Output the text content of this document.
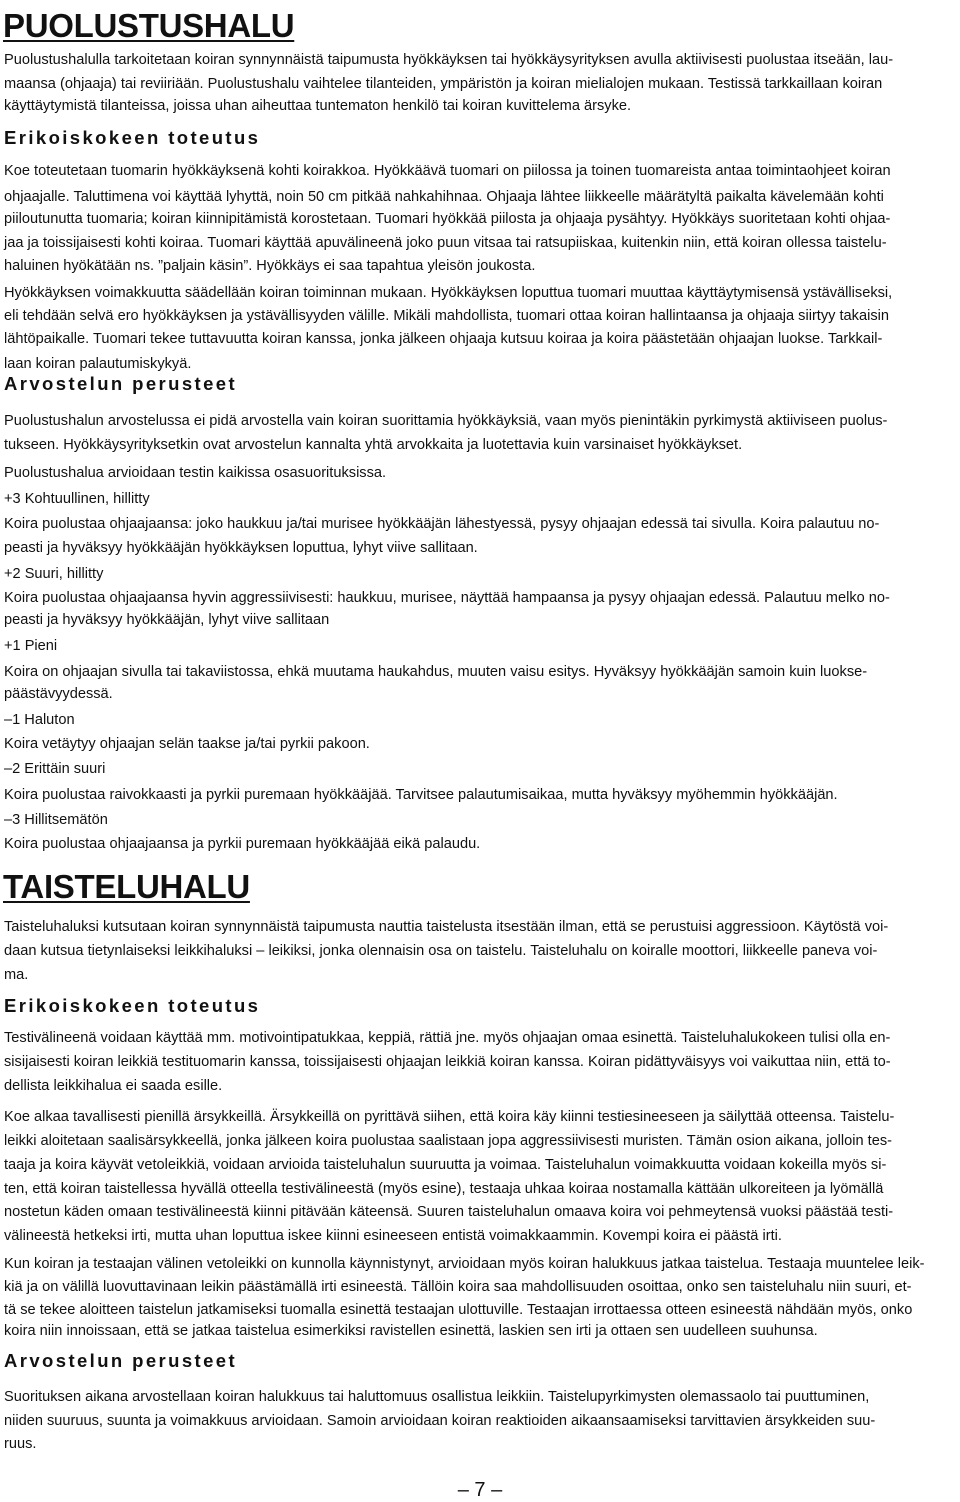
PUOLUSTUSHALU

Puolustushalulla tarkoitetaan koiran synnynnäistä taipumusta hyökkäyksen tai hyökkäysyrityksen avulla aktiivisesti puolustaa itseään, lau-

maansa (ohjaaja) tai reviiriään. Puolustushalu vaihtelee tilanteiden, ympäristön ja koiran mielialojen mukaan. Testissä tarkkaillaan koiran

käyttäytymistä tilanteissa, joissa uhan aiheuttaa tuntematon henkilö tai koiran kuvittelema ärsyke.

Erikoiskokeen toteutus

Koe toteutetaan tuomarin hyökkäyksenä kohti koirakkoa. Hyökkäävä tuomari on piilossa ja toinen tuomareista antaa toimintaohjeet koiran

ohjaajalle. Taluttimena voi käyttää lyhyttä, noin 50 cm pitkää nahkahihnaa. Ohjaaja lähtee liikkeelle määrätyltä paikalta kävelemään kohti

piiloutunutta tuomaria; koiran kiinnipitämistä korostetaan. Tuomari hyökkää piilosta ja ohjaaja pysähtyy. Hyökkäys suoritetaan kohti ohjaa-

jaa ja toissijaisesti kohti koiraa. Tuomari käyttää apuvälineenä joko puun vitsaa tai ratsupiiskaa, kuitenkin niin, että koiran ollessa taistelu-

haluinen hyökätään ns. ”paljain käsin”. Hyökkäys ei saa tapahtua yleisön joukosta.

Hyökkäyksen voimakkuutta säädellään koiran toiminnan mukaan. Hyökkäyksen loputtua tuomari muuttaa käyttäytymisensä ystävälliseksi,

eli tehdään selvä ero hyökkäyksen ja ystävällisyyden välille. Mikäli mahdollista, tuomari ottaa koiran hallintaansa ja ohjaaja siirtyy takaisin

lähtöpaikalle. Tuomari tekee tuttavuutta koiran kanssa, jonka jälkeen ohjaaja kutsuu koiraa ja koira päästetään ohjaajan luokse. Tarkkail-

laan koiran palautumiskykyä.

Arvostelun perusteet

Puolustushalun arvostelussa ei pidä arvostella vain koiran suorittamia hyökkäyksiä, vaan myös pienintäkin pyrkimystä aktiiviseen puolus-

tukseen. Hyökkäysyrityksetkin ovat arvostelun kannalta yhtä arvokkaita ja luotettavia kuin varsinaiset hyökkäykset.

Puolustushalua arvioidaan testin kaikissa osasuorituksissa.

+3 Kohtuullinen, hillitty

Koira puolustaa ohjaajaansa: joko haukkuu ja/tai murisee hyökkääjän lähestyessä, pysyy ohjaajan edessä tai sivulla. Koira palautuu no-

peasti ja hyväksyy hyökkääjän hyökkäyksen loputtua, lyhyt viive sallitaan.

+2 Suuri, hillitty

Koira puolustaa ohjaajaansa hyvin aggressiivisesti: haukkuu, murisee, näyttää hampaansa ja pysyy ohjaajan edessä. Palautuu melko no-

peasti ja hyväksyy hyökkääjän, lyhyt viive sallitaan

+1 Pieni

Koira on ohjaajan sivulla tai takaviistossa, ehkä muutama haukahdus, muuten vaisu esitys. Hyväksyy hyökkääjän samoin kuin luokse-

päästävyydessä.

–1 Haluton

Koira vetäytyy ohjaajan selän taakse ja/tai pyrkii pakoon.

–2 Erittäin suuri

Koira puolustaa raivokkaasti ja pyrkii puremaan hyökkääjää. Tarvitsee palautumisaikaa, mutta hyväksyy myöhemmin hyökkääjän.

–3 Hillitsemätön

Koira puolustaa ohjaajaansa ja pyrkii puremaan hyökkääjää eikä palaudu.

TAISTELUHALU

Taisteluhaluksi kutsutaan koiran synnynnäistä taipumusta nauttia taistelusta itsestään ilman, että se perustuisi aggressioon. Käytöstä voi-

daan kutsua tietynlaiseksi leikkihaluksi – leikiksi, jonka olennaisin osa on taistelu. Taisteluhalu on koiralle moottori, liikkeelle paneva voi-

ma.

Erikoiskokeen toteutus

Testivälineenä voidaan käyttää mm. motivointipatukkaa, keppiä, rättiä jne. myös ohjaajan omaa esinettä. Taisteluhalukokeen tulisi olla en-

sisijaisesti koiran leikkiä testituomarin kanssa, toissijaisesti ohjaajan leikkiä koiran kanssa. Koiran pidättyväisyys voi vaikuttaa niin, että to-

dellista leikkihalua ei saada esille.

Koe alkaa tavallisesti pienillä ärsykkeillä. Ärsykkeillä on pyrittävä siihen, että koira käy kiinni testiesineeseen ja säilyttää otteensa. Taistelu-

leikki aloitetaan saalisärsykkeellä, jonka jälkeen koira puolustaa saalistaan jopa aggressiivisesti muristen. Tämän osion aikana, jolloin tes-

taaja ja koira käyvät vetoleikkiä, voidaan arvioida taisteluhalun suuruutta ja voimaa. Taisteluhalun voimakkuutta voidaan kokeilla myös si-

ten, että koiran taistellessa hyvällä otteella testivälineestä (myös esine), testaaja uhkaa koiraa nostamalla kättään ulkoreiteen ja lyömällä

nostetun käden omaan testivälineestä kiinni pitävään käteensä. Suuren taisteluhalun omaava koira voi pehmeytensä vuoksi päästää testi-

välineestä hetkeksi irti, mutta uhan loputtua iskee kiinni esineeseen entistä voimakkaammin. Kovempi koira ei päästä irti.

Kun koiran ja testaajan välinen vetoleikki on kunnolla käynnistynyt, arvioidaan myös koiran halukkuus jatkaa taistelua. Testaaja muuntelee leik-

kiä ja on välillä luovuttavinaan leikin päästämällä irti esineestä. Tällöin koira saa mahdollisuuden osoittaa, onko sen taisteluhalu niin suuri, et-

tä se tekee aloitteen taistelun jatkamiseksi tuomalla esinettä testaajan ulottuville. Testaajan irrottaessa otteen esineestä nähdään myös, onko

koira niin innoissaan, että se jatkaa taistelua esimerkiksi ravistellen esinettä, laskien sen irti ja ottaen sen uudelleen suuhunsa.

Arvostelun perusteet

Suorituksen aikana arvostellaan koiran halukkuus tai haluttomuus osallistua leikkiin. Taistelupyrkimysten olemassaolo tai puuttuminen,

niiden suuruus, suunta ja voimakkuus arvioidaan. Samoin arvioidaan koiran reaktioiden aikaansaamiseksi tarvittavien ärsykkeiden suu-

ruus.

– 7 –
